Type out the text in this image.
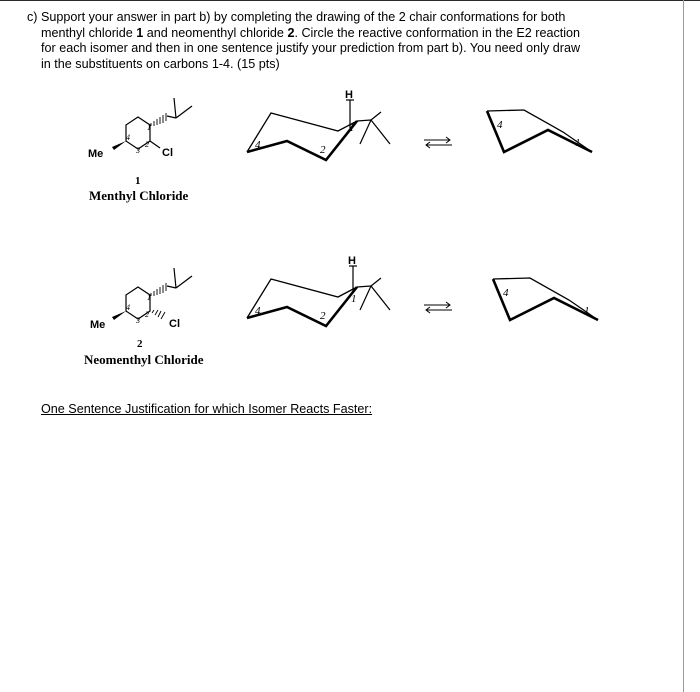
c) Support your answer in part b) by completing the drawing of the 2 chair conformations for both
menthyl chloride 1 and neomenthyl chloride 2. Circle the reactive conformation in the E2 reaction
for each isomer and then in one sentence justify your prediction from part b). You need only draw
in the substituents on carbons 1-4. (15 pts)
Me	Cl
1
2
3
4
1
Menthyl Chloride
H
4	2
1	4
1
Me	Cl
1
2
3
4
2
Neomenthyl Chloride
H
4	2
1	4
1
One Sentence Justification for which Isomer Reacts Faster:
